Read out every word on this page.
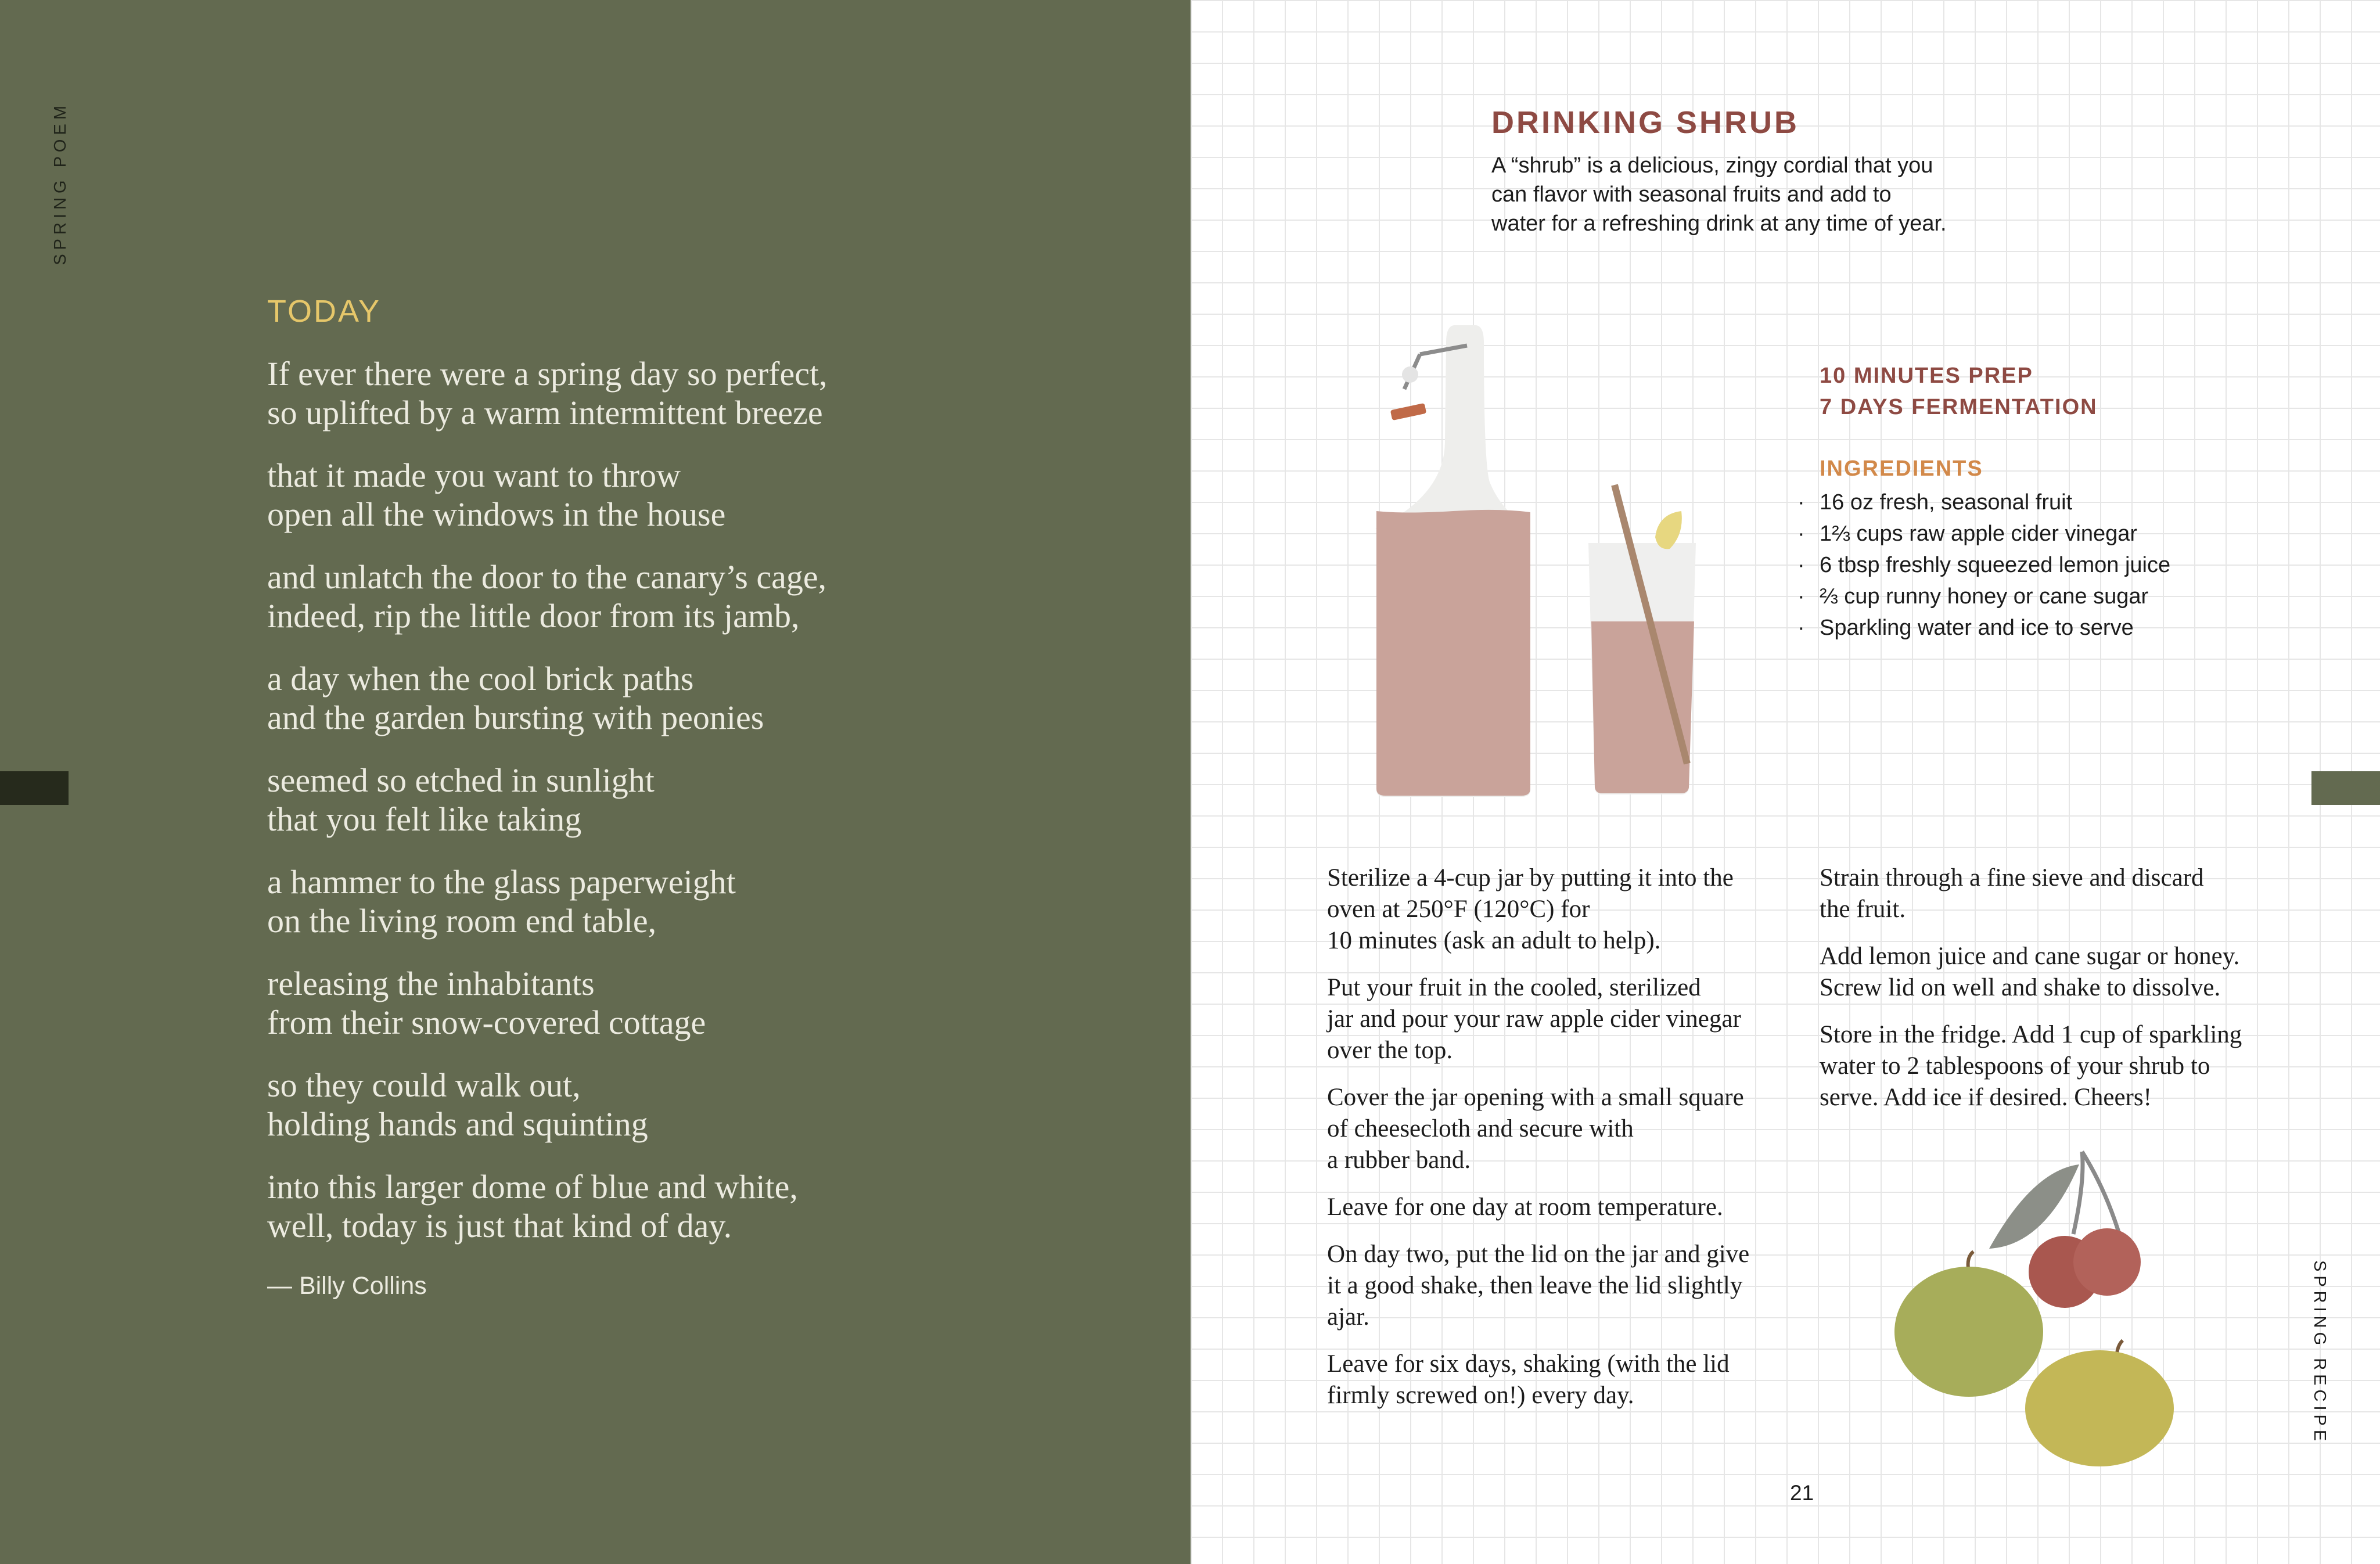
SPRING POEM
TODAY

If ever there were a spring day so perfect,
so uplifted by a warm intermittent breeze

that it made you want to throw
open all the windows in the house

and unlatch the door to the canary’s cage,
indeed, rip the little door from its jamb,

a day when the cool brick paths
and the garden bursting with peonies

seemed so etched in sunlight
that you felt like taking

a hammer to the glass paperweight
on the living room end table,

releasing the inhabitants
from their snow-covered cottage

so they could walk out,
holding hands and squinting

into this larger dome of blue and white,
well, today is just that kind of day.

— Billy Collins
DRINKING SHRUB
A “shrub” is a delicious, zingy cordial that you
can flavor with seasonal fruits and add to
water for a refreshing drink at any time of year.
10 MINUTES PREP
7 DAYS FERMENTATION
INGREDIENTS
· 16 oz fresh, seasonal fruit
· 1⅔ cups raw apple cider vinegar
· 6 tbsp freshly squeezed lemon juice
· ⅔ cup runny honey or cane sugar
· Sparkling water and ice to serve

Sterilize a 4-cup jar by putting it into the
oven at 250°F (120°C) for
10 minutes (ask an adult to help).

Put your fruit in the cooled, sterilized
jar and pour your raw apple cider vinegar
over the top.

Cover the jar opening with a small square
of cheesecloth and secure with
a rubber band.

Leave for one day at room temperature.

On day two, put the lid on the jar and give
it a good shake, then leave the lid slightly
ajar.

Leave for six days, shaking (with the lid
firmly screwed on!) every day.

Strain through a fine sieve and discard
the fruit.

Add lemon juice and cane sugar or honey.
Screw lid on well and shake to dissolve.

Store in the fridge. Add 1 cup of sparkling
water to 2 tablespoons of your shrub to
serve. Add ice if desired. Cheers!

21
SPRING RECIPE
